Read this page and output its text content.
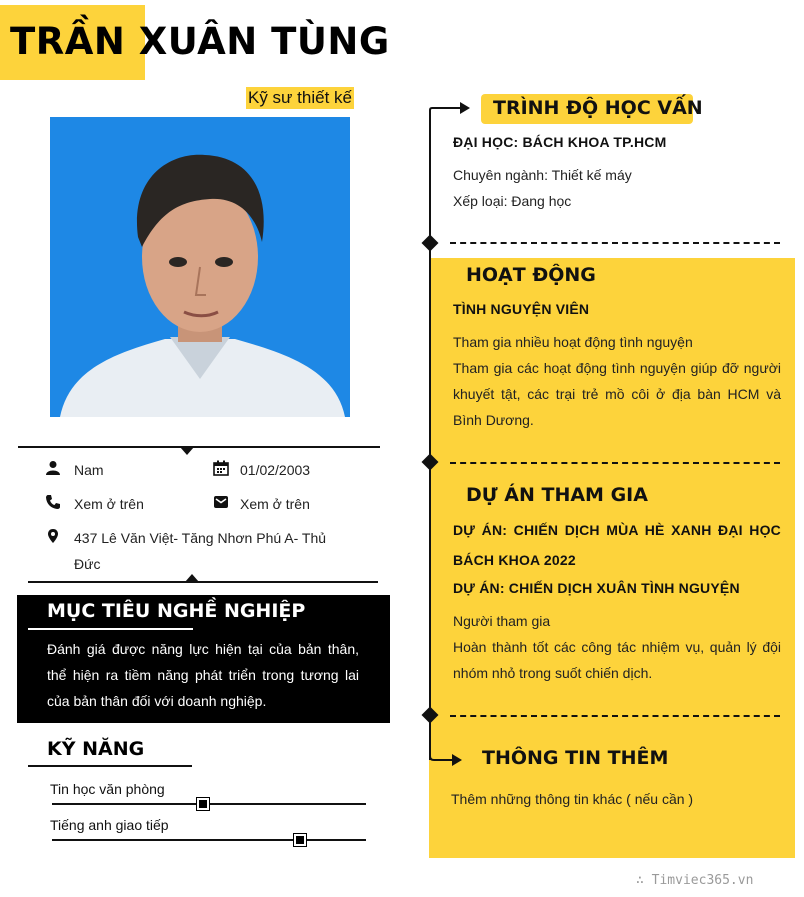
TRẦN XUÂN TÙNG
Kỹ sư thiết kế
Nam	01/02/2003
Xem ở trên	Xem ở trên
437 Lê Văn Việt- Tăng Nhơn Phú A- Thủ Đức
MỤC TIÊU NGHỀ NGHIỆP
Đánh giá được năng lực hiện tại của bản thân, thể hiện ra tiềm năng phát triển trong tương lai của bản thân đối với doanh nghiệp.
KỸ NĂNG
Tin học văn phòng
Tiếng anh giao tiếp
TRÌNH ĐỘ HỌC VẤN
ĐẠI HỌC: BÁCH KHOA TP.HCM
Chuyên ngành: Thiết kế máy
Xếp loại: Đang học
HOẠT ĐỘNG
TÌNH NGUYỆN VIÊN
Tham gia nhiều hoạt động tình nguyện
Tham gia các hoạt động tình nguyện giúp đỡ người khuyết tật, các trại trẻ mồ côi ở địa bàn HCM và Bình Dương.
DỰ ÁN THAM GIA
DỰ ÁN: CHIẾN DỊCH MÙA HÈ XANH ĐẠI HỌC BÁCH KHOA 2022
DỰ ÁN: CHIẾN DỊCH XUÂN TÌNH NGUYỆN
Người tham gia
Hoàn thành tốt các công tác nhiệm vụ, quản lý đội nhóm nhỏ trong suốt chiến dịch.
THÔNG TIN THÊM
Thêm những thông tin khác ( nếu cần )
∴ Timviec365.vn
